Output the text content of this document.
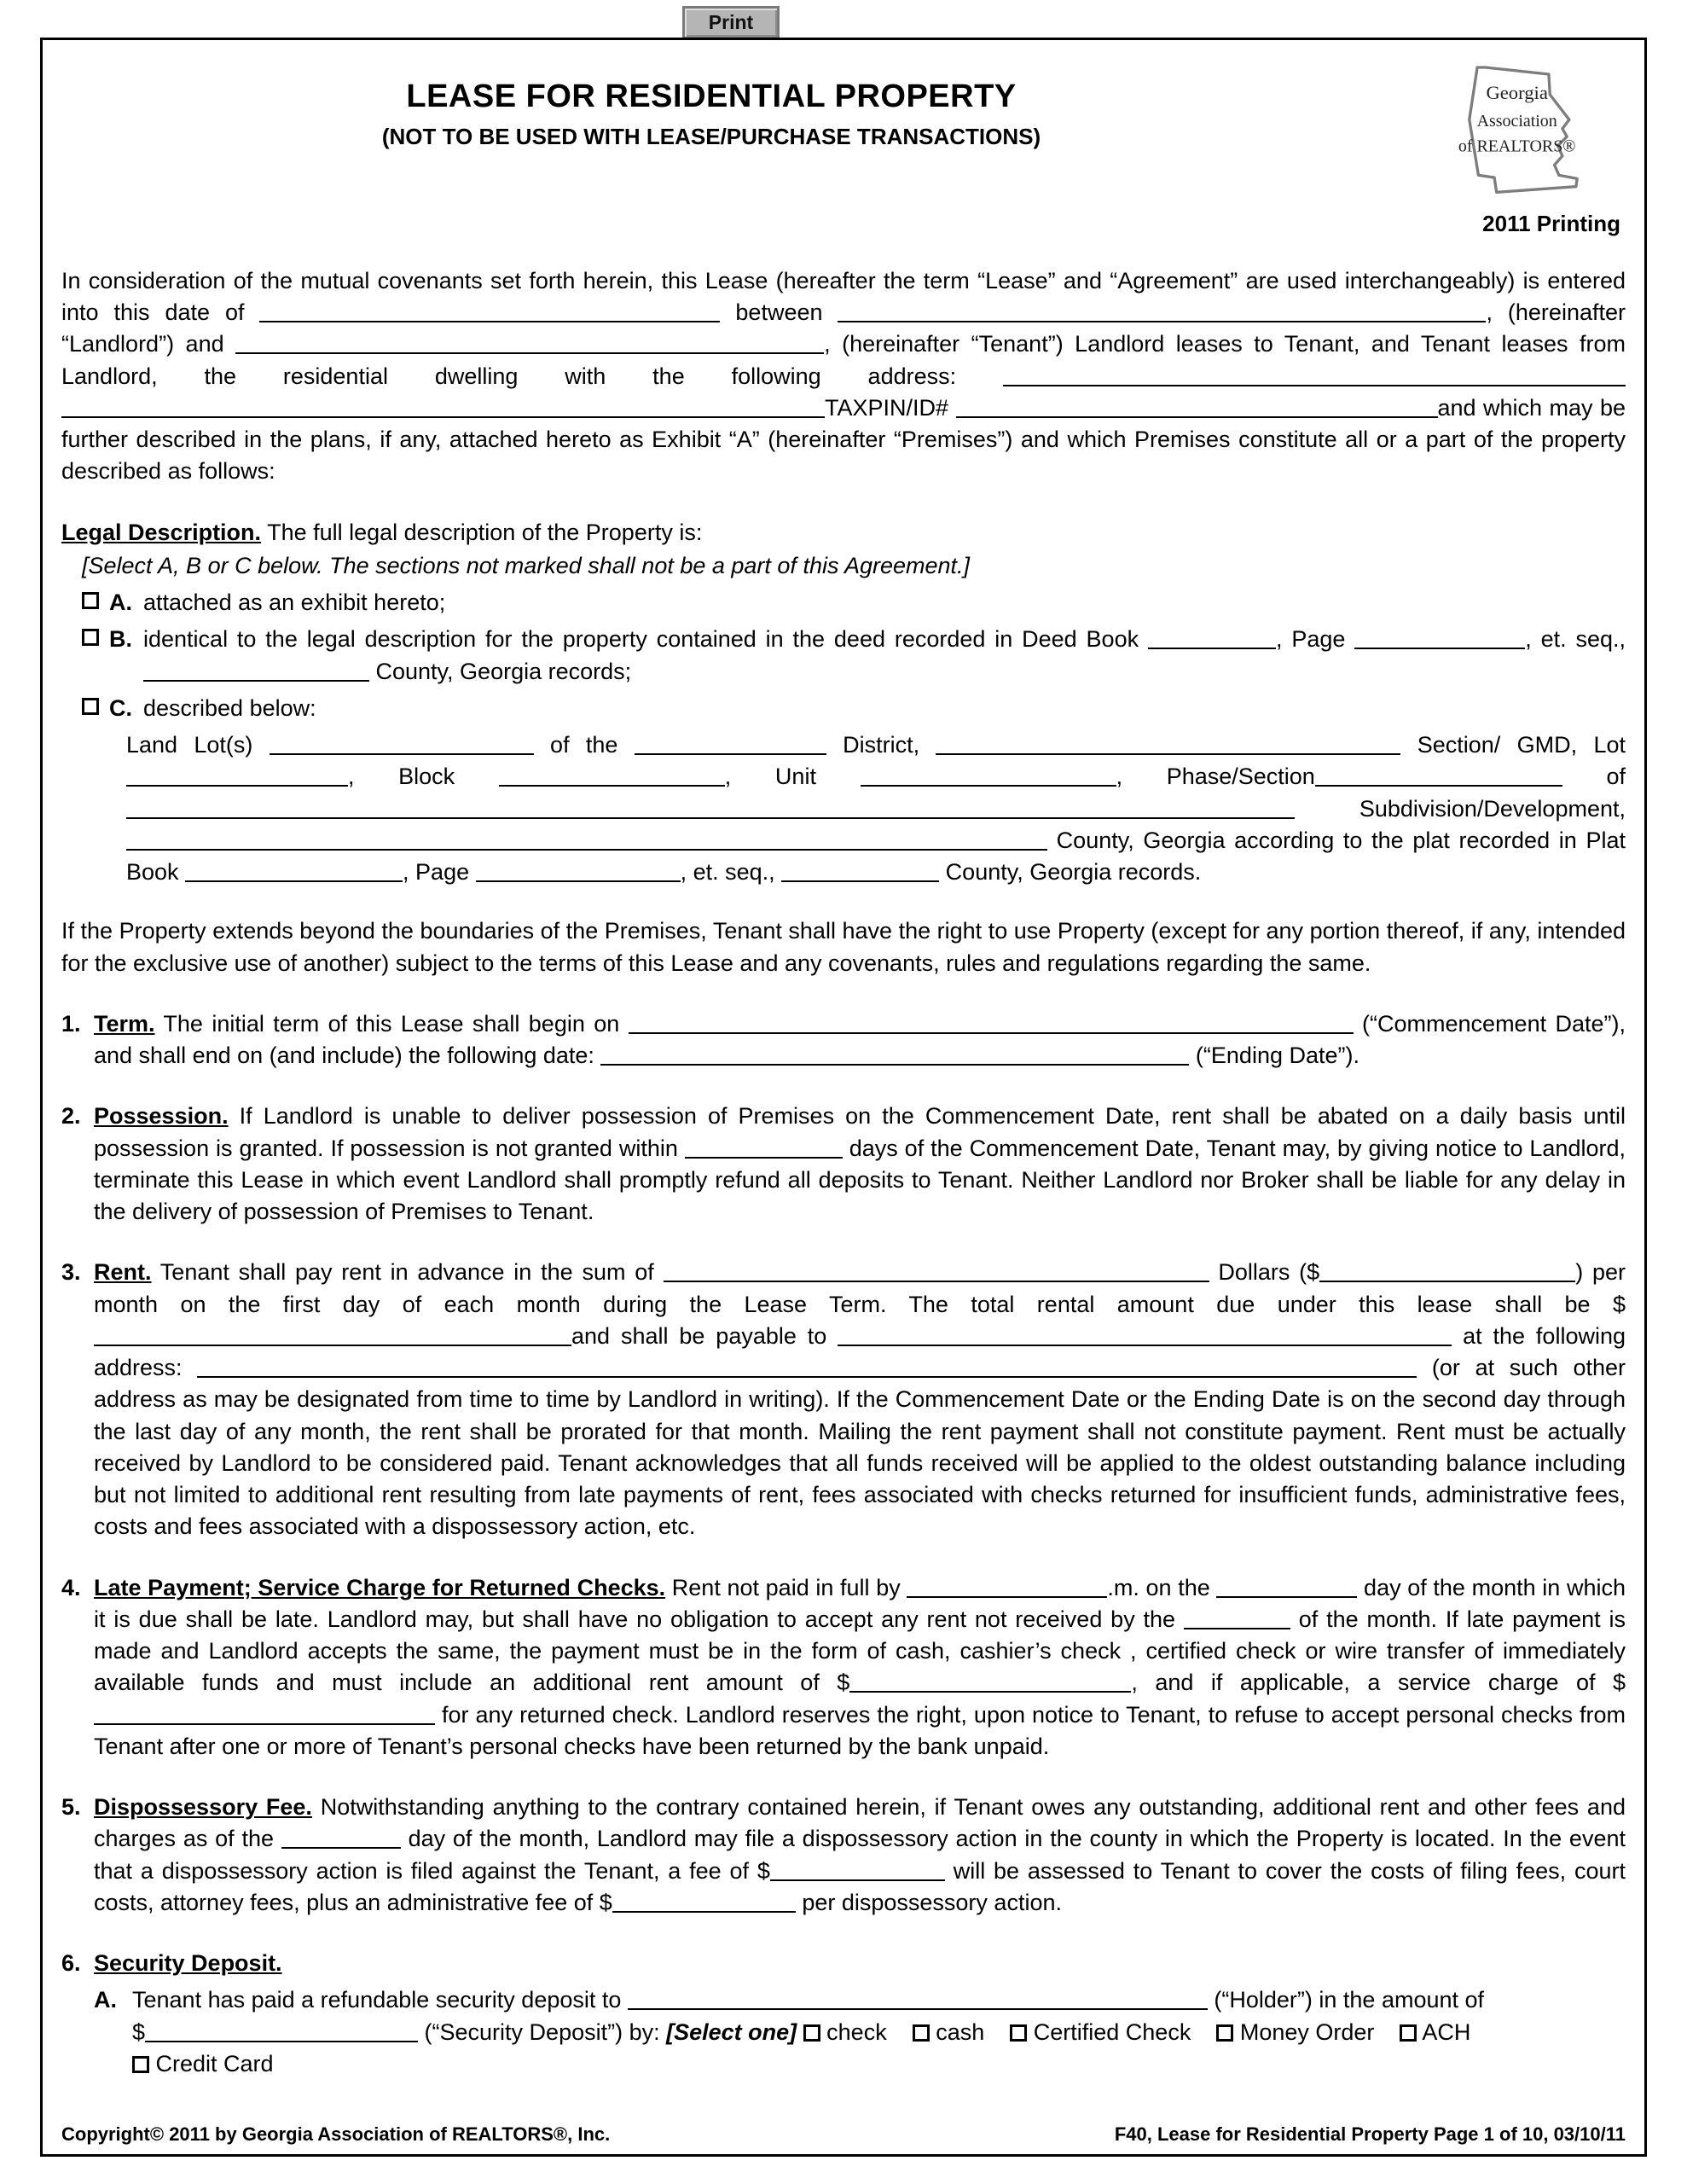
Print
LEASE FOR RESIDENTIAL PROPERTY
(NOT TO BE USED WITH LEASE/PURCHASE TRANSACTIONS)
Georgia
Association
of REALTORS®
2011 Printing

In consideration of the mutual covenants set forth herein, this Lease (hereafter the term “Lease” and “Agreement” are used interchangeably) is entered into this date of	between	, (hereinafter “Landlord”) and	, (hereinafter “Tenant”) Landlord leases to Tenant, and Tenant leases from Landlord, the residential dwelling with the following address: TAXPIN/ID#	and which may be further described in the plans, if any, attached hereto as Exhibit “A” (hereinafter “Premises”) and which Premises constitute all or a part of the property described as follows:

Legal Description. The full legal description of the Property is:

[Select A, B or C below. The sections not marked shall not be a part of this Agreement.]

A. attached as an exhibit hereto;
B. identical to the legal description for the property contained in the deed recorded in Deed Book	, Page	, et. seq.,  County, Georgia records;
C. described below:
Land Lot(s)	of the	District,	Section/ GMD, Lot , Block	, Unit	, Phase/Section	of  Subdivision/Development,  County, Georgia according to the plat recorded in Plat Book	, Page	, et. seq.,	County, Georgia records.

If the Property extends beyond the boundaries of the Premises, Tenant shall have the right to use Property (except for any portion thereof, if any, intended for the exclusive use of another) subject to the terms of this Lease and any covenants, rules and regulations regarding the same.

1. Term. The initial term of this Lease shall begin on	(“Commencement Date”), and shall end on (and include) the following date:	(“Ending Date”).
2. Possession. If Landlord is unable to deliver possession of Premises on the Commencement Date, rent shall be abated on a daily basis until possession is granted. If possession is not granted within	days of the Commencement Date, Tenant may, by giving notice to Landlord, terminate this Lease in which event Landlord shall promptly refund all deposits to Tenant. Neither Landlord nor Broker shall be liable for any delay in the delivery of possession of Premises to Tenant.
3. Rent. Tenant shall pay rent in advance in the sum of	Dollars ($	) per month on the first day of each month during the Lease Term. The total rental amount due under this lease shall be $and shall be payable to	at the following address:	(or at such other address as may be designated from time to time by Landlord in writing). If the Commencement Date or the Ending Date is on the second day through the last day of any month, the rent shall be prorated for that month. Mailing the rent payment shall not constitute payment. Rent must be actually received by Landlord to be considered paid. Tenant acknowledges that all funds received will be applied to the oldest outstanding balance including but not limited to additional rent resulting from late payments of rent, fees associated with checks returned for insufficient funds, administrative fees, costs and fees associated with a dispossessory action, etc.
4. Late Payment; Service Charge for Returned Checks. Rent not paid in full by	.m. on the	day of the month in which it is due shall be late. Landlord may, but shall have no obligation to accept any rent not received by the	of the month. If late payment is made and Landlord accepts the same, the payment must be in the form of cash, cashier’s check , certified check or wire transfer of immediately available funds and must include an additional rent amount of $	, and if applicable, a service charge of $ for any returned check. Landlord reserves the right, upon notice to Tenant, to refuse to accept personal checks from Tenant after one or more of Tenant’s personal checks have been returned by the bank unpaid.
5. Dispossessory Fee. Notwithstanding anything to the contrary contained herein, if Tenant owes any outstanding, additional rent and other fees and charges as of the	day of the month, Landlord may file a dispossessory action in the county in which the Property is located. In the event that a dispossessory action is filed against the Tenant, a fee of $	will be assessed to Tenant to cover the costs of filing fees, court costs, attorney fees, plus an administrative fee of $	per dispossessory action.
6. Security Deposit.
A. Tenant has paid a refundable security deposit to	(“Holder”) in the amount of
$	(“Security Deposit”) by: [Select one]  check     cash     Certified Check     Money Order     ACH
Credit Card
Copyright© 2011 by Georgia Association of REALTORS®, Inc.	F40, Lease for Residential Property Page 1 of 10, 03/10/11
